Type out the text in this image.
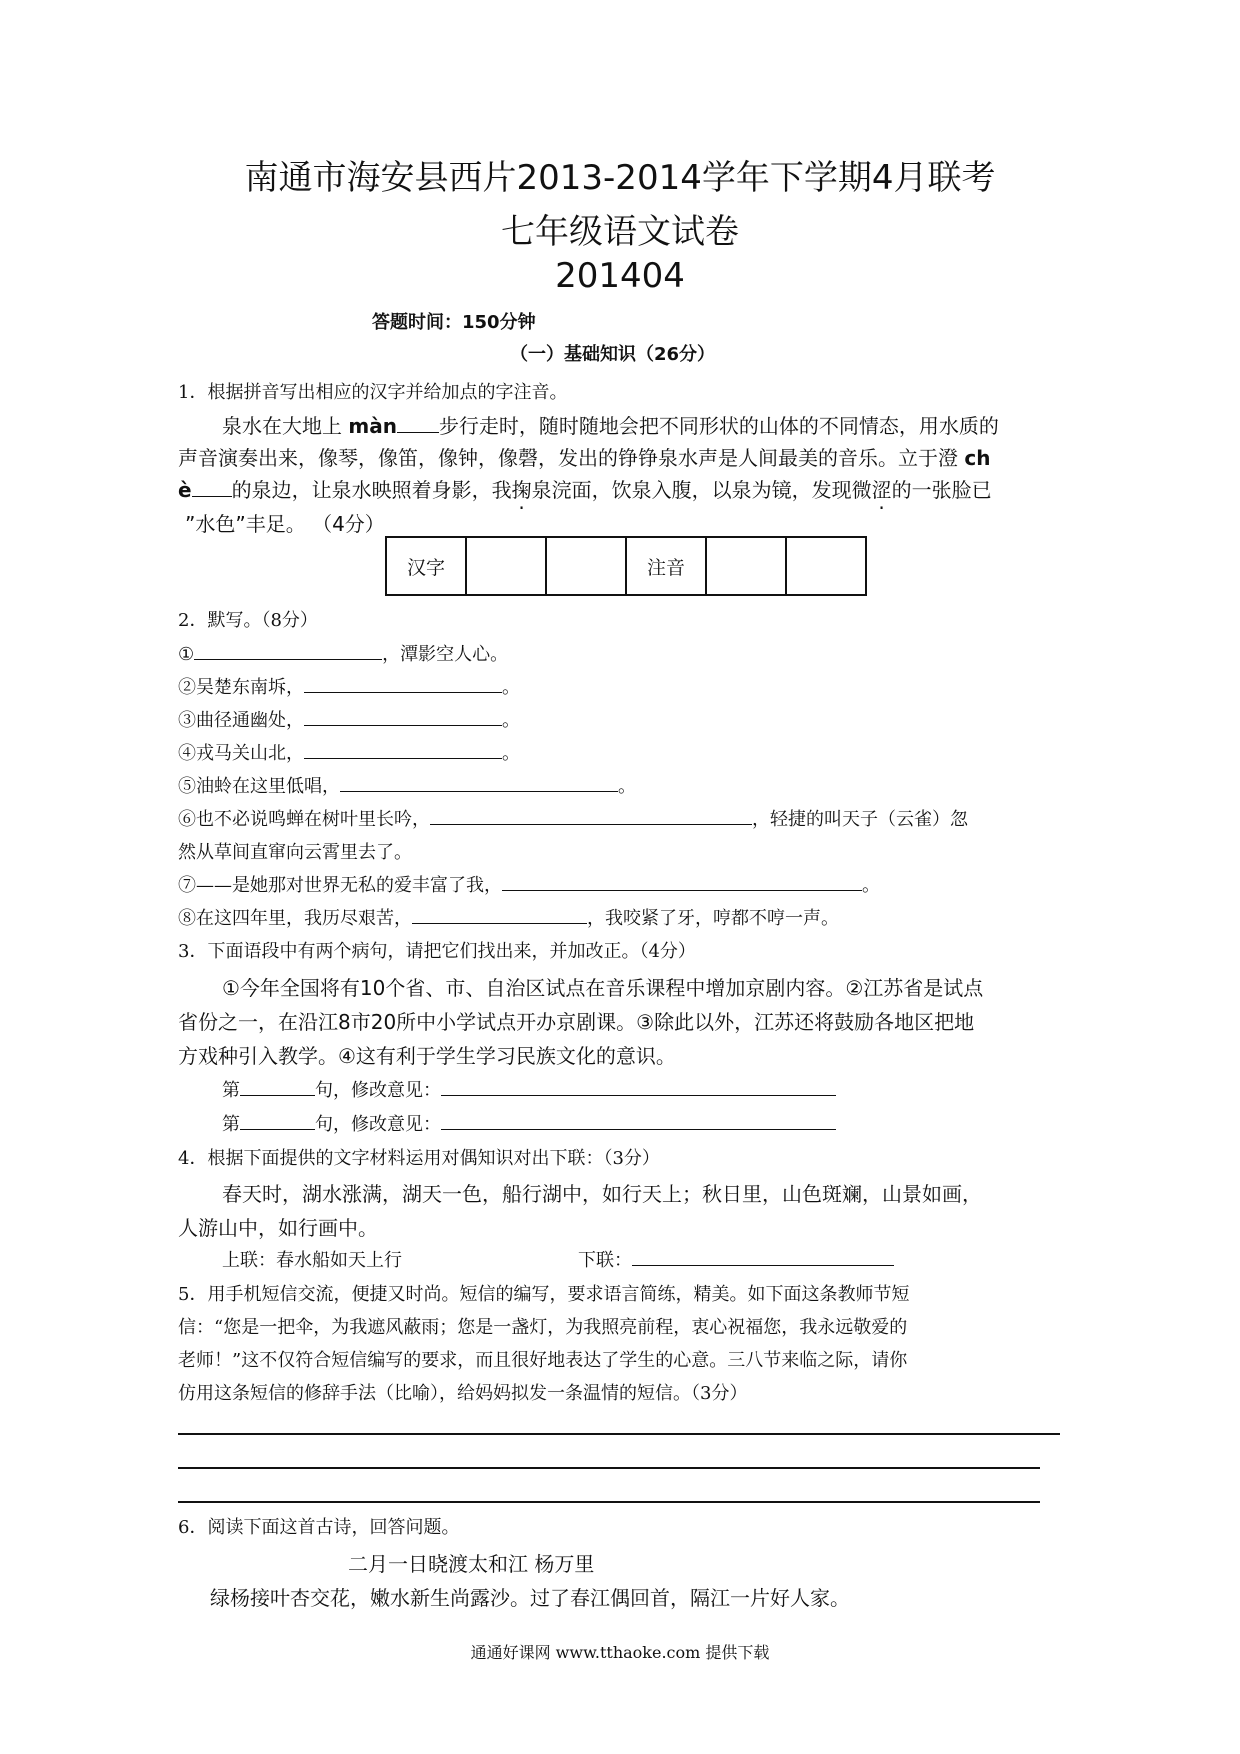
南通市海安县西片2013-2014学年下学期4月联考
七年级语文试卷
201404
答题时间：150分钟
（一）基础知识（26分）
1．根据拼音写出相应的汉字并给加点的字注音。
泉水在大地上 màn 步行走时，随时随地会把不同形状的山体的不同情态，用水质的
声音演奏出来，像琴，像笛，像钟，像磬，发出的铮铮泉水声是人间最美的音乐。立于澄 ch
è 的泉边，让泉水映照着身影，我掬泉浣面，饮泉入腹，以泉为镜，发现微涩的一张脸已
”水色”丰足。 （4分）
汉字			注音		
2．默写。（8分）
①	，潭影空人心。
②吴楚东南坼，	。
③曲径通幽处，	。
④戎马关山北，	。
⑤油蛉在这里低唱，	。
⑥也不必说鸣蝉在树叶里长吟，	，轻捷的叫天子（云雀）忽
然从草间直窜向云霄里去了。
⑦——是她那对世界无私的爱丰富了我，	。
⑧在这四年里，我历尽艰苦，	，我咬紧了牙，哼都不哼一声。
3．下面语段中有两个病句，请把它们找出来，并加改正。（4分）
①今年全国将有10个省、市、自治区试点在音乐课程中增加京剧内容。②江苏省是试点
省份之一，在沿江8市20所中小学试点开办京剧课。③除此以外，江苏还将鼓励各地区把地
方戏种引入教学。④这有利于学生学习民族文化的意识。
第	句，修改意见：
第	句，修改意见：
4．根据下面提供的文字材料运用对偶知识对出下联：（3分）
春天时，湖水涨满，湖天一色，船行湖中，如行天上；秋日里，山色斑斓，山景如画，
人游山中，如行画中。
上联：春水船如天上行	下联：
5．用手机短信交流，便捷又时尚。短信的编写，要求语言简练，精美。如下面这条教师节短
信：“您是一把伞，为我遮风蔽雨；您是一盏灯，为我照亮前程，衷心祝福您，我永远敬爱的
老师！”这不仅符合短信编写的要求，而且很好地表达了学生的心意。三八节来临之际，请你
仿用这条短信的修辞手法（比喻），给妈妈拟发一条温情的短信。（3分）
6．阅读下面这首古诗，回答问题。
二月一日晓渡太和江 杨万里
绿杨接叶杏交花，嫩水新生尚露沙。过了春江偶回首，隔江一片好人家。
通通好课网 www.tthaoke.com 提供下载
